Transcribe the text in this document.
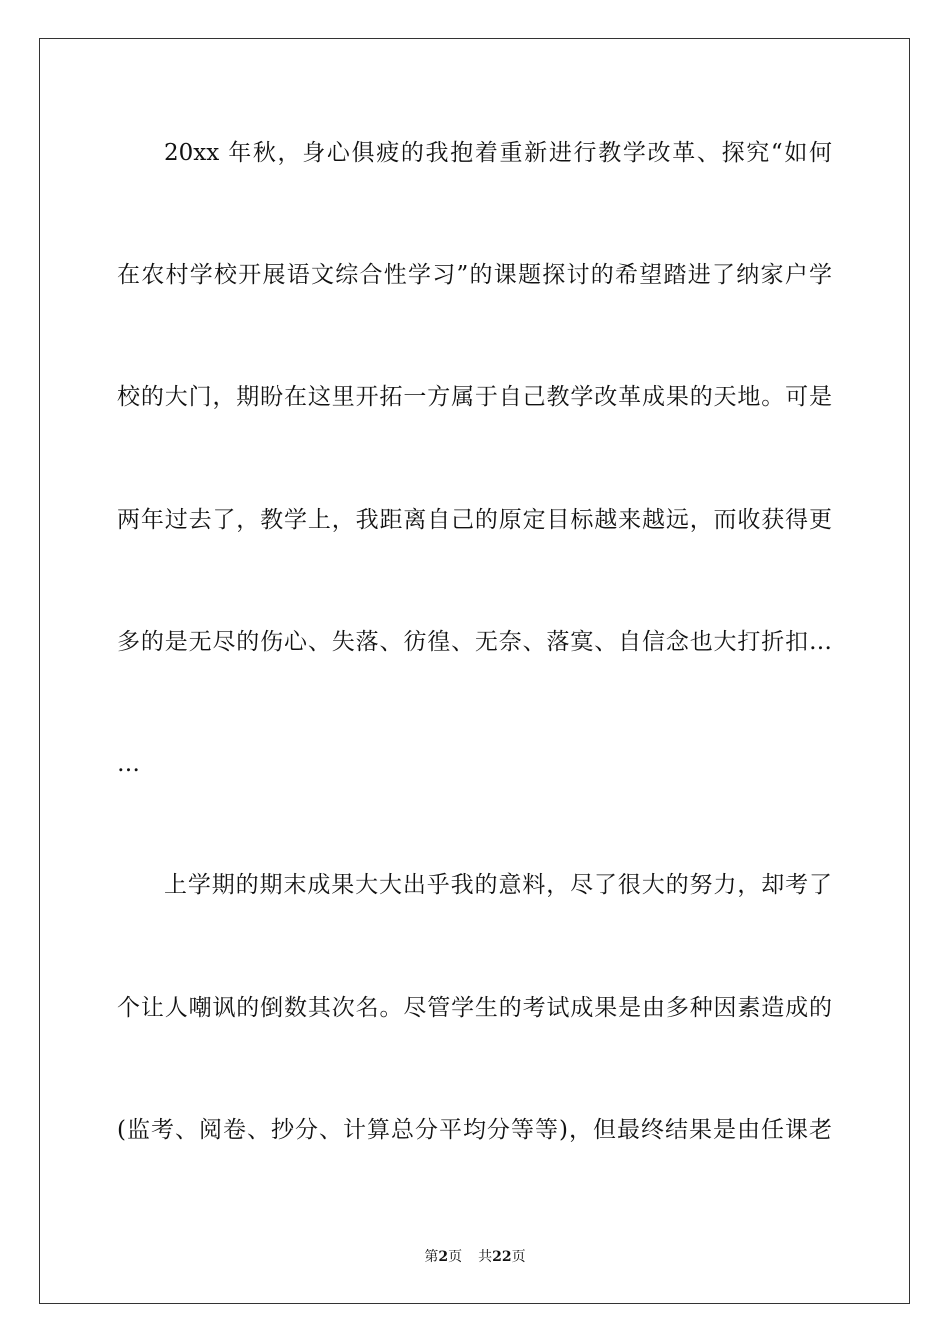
20xx 年秋，身心俱疲的我抱着重新进行教学改革、探究“如何
在农村学校开展语文综合性学习”的课题探讨的希望踏进了纳家户学
校的大门，期盼在这里开拓一方属于自己教学改革成果的天地。可是
两年过去了，教学上，我距离自己的原定目标越来越远，而收获得更
多的是无尽的伤心、失落、彷徨、无奈、落寞、自信念也大打折扣…
…
上学期的期末成果大大出乎我的意料，尽了很大的努力，却考了
个让人嘲讽的倒数其次名。尽管学生的考试成果是由多种因素造成的
(监考、阅卷、抄分、计算总分平均分等等)，但最终结果是由任课老
第2页 共22页
